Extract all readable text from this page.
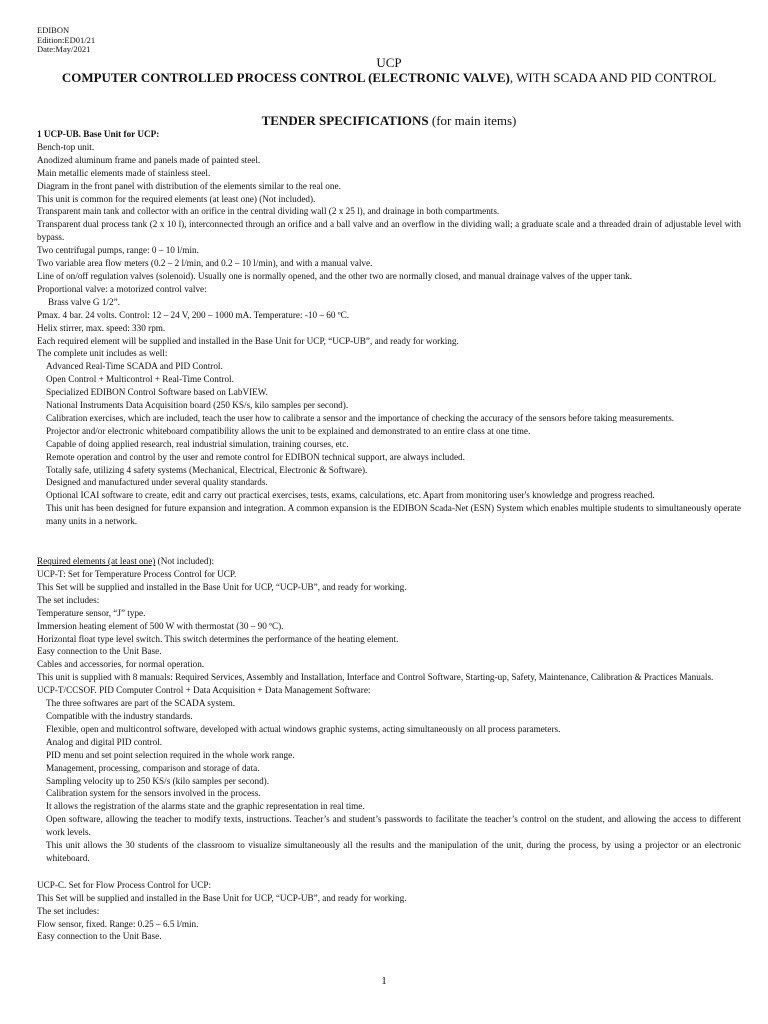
EDIBON
Edition:ED01/21
Date:May/2021
UCP
COMPUTER CONTROLLED PROCESS CONTROL (ELECTRONIC VALVE), WITH SCADA AND PID CONTROL
TENDER SPECIFICATIONS (for main items)

1 UCP-UB. Base Unit for UCP:

Bench-top unit.

Anodized aluminum frame and panels made of painted steel.

Main metallic elements made of stainless steel.

Diagram in the front panel with distribution of the elements similar to the real one.

This unit is common for the required elements (at least one) (Not included).

Transparent main tank and collector with an orifice in the central dividing wall (2 x 25 l), and drainage in both compartments.

Transparent dual process tank (2 x 10 l), interconnected through an orifice and a ball valve and an overflow in the dividing wall; a graduate scale and a threaded drain of adjustable level with bypass.

Two centrifugal pumps, range: 0 – 10 l/min.

Two variable area flow meters (0.2 – 2 l/min, and 0.2 – 10 l/min), and with a manual valve.

Line of on/off regulation valves (solenoid). Usually one is normally opened, and the other two are normally closed, and manual drainage valves of the upper tank.

Proportional valve: a motorized control valve:

Brass valve G 1/2”.

Pmax. 4 bar. 24 volts. Control: 12 – 24 V, 200 – 1000 mA. Temperature: -10 – 60 ºC.

Helix stirrer, max. speed: 330 rpm.

Each required element will be supplied and installed in the Base Unit for UCP, “UCP-UB”, and ready for working.

The complete unit includes as well:

Advanced Real-Time SCADA and PID Control.

Open Control + Multicontrol + Real-Time Control.

Specialized EDIBON Control Software based on LabVIEW.

National Instruments Data Acquisition board (250 KS/s, kilo samples per second).

Calibration exercises, which are included, teach the user how to calibrate a sensor and the importance of checking the accuracy of the sensors before taking measurements.

Projector and/or electronic whiteboard compatibility allows the unit to be explained and demonstrated to an entire class at one time.

Capable of doing applied research, real industrial simulation, training courses, etc.

Remote operation and control by the user and remote control for EDIBON technical support, are always included.

Totally safe, utilizing 4 safety systems (Mechanical, Electrical, Electronic & Software).

Designed and manufactured under several quality standards.

Optional ICAI software to create, edit and carry out practical exercises, tests, exams, calculations, etc. Apart from monitoring user's knowledge and progress reached.

This unit has been designed for future expansion and integration. A common expansion is the EDIBON Scada-Net (ESN) System which enables multiple students to simultaneously operate many units in a network.

Required elements (at least one) (Not included):

UCP-T: Set for Temperature Process Control for UCP.

This Set will be supplied and installed in the Base Unit for UCP, “UCP-UB”, and ready for working.

The set includes:

Temperature sensor, “J” type.

Immersion heating element of 500 W with thermostat (30 – 90 ºC).

Horizontal float type level switch. This switch determines the performance of the heating element.

Easy connection to the Unit Base.

Cables and accessories, for normal operation.

This unit is supplied with 8 manuals: Required Services, Assembly and Installation, Interface and Control Software, Starting-up, Safety, Maintenance, Calibration & Practices Manuals.

UCP-T/CCSOF. PID Computer Control + Data Acquisition + Data Management Software:

The three softwares are part of the SCADA system.

Compatible with the industry standards.

Flexible, open and multicontrol software, developed with actual windows graphic systems, acting simultaneously on all process parameters.

Analog and digital PID control.

PID menu and set point selection required in the whole work range.

Management, processing, comparison and storage of data.

Sampling velocity up to 250 KS/s (kilo samples per second).

Calibration system for the sensors involved in the process.

It allows the registration of the alarms state and the graphic representation in real time.

Open software, allowing the teacher to modify texts, instructions. Teacher’s and student’s passwords to facilitate the teacher’s control on the student, and allowing the access to different work levels.

This unit allows the 30 students of the classroom to visualize simultaneously all the results and the manipulation of the unit, during the process, by using a projector or an electronic whiteboard.

UCP-C. Set for Flow Process Control for UCP:

This Set will be supplied and installed in the Base Unit for UCP, “UCP-UB”, and ready for working.

The set includes:

Flow sensor, fixed. Range: 0.25 – 6.5 l/min.

Easy connection to the Unit Base.

1
